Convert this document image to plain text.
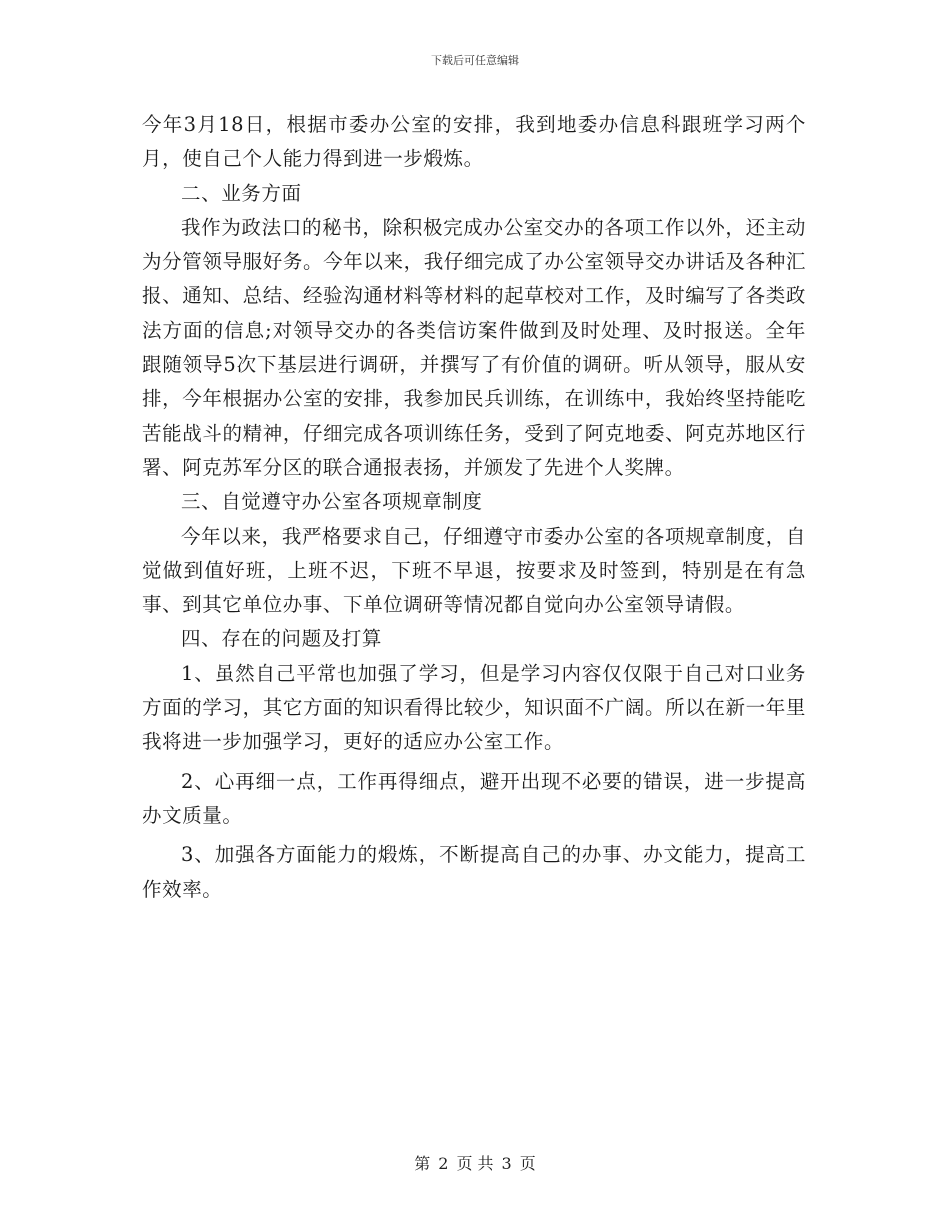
下载后可任意编辑

今年3月18日，根据市委办公室的安排，我到地委办信息科跟班学习两个月，使自己个人能力得到进一步煅炼。

二、业务方面

我作为政法口的秘书，除积极完成办公室交办的各项工作以外，还主动为分管领导服好务。今年以来，我仔细完成了办公室领导交办讲话及各种汇报、通知、总结、经验沟通材料等材料的起草校对工作，及时编写了各类政法方面的信息;对领导交办的各类信访案件做到及时处理、及时报送。全年跟随领导5次下基层进行调研，并撰写了有价值的调研。听从领导，服从安排，今年根据办公室的安排，我参加民兵训练，在训练中，我始终坚持能吃苦能战斗的精神，仔细完成各项训练任务，受到了阿克地委、阿克苏地区行署、阿克苏军分区的联合通报表扬，并颁发了先进个人奖牌。

三、自觉遵守办公室各项规章制度

今年以来，我严格要求自己，仔细遵守市委办公室的各项规章制度，自觉做到值好班，上班不迟，下班不早退，按要求及时签到，特别是在有急事、到其它单位办事、下单位调研等情况都自觉向办公室领导请假。

四、存在的问题及打算

1、虽然自己平常也加强了学习，但是学习内容仅仅限于自己对口业务方面的学习，其它方面的知识看得比较少，知识面不广阔。所以在新一年里我将进一步加强学习，更好的适应办公室工作。

2、心再细一点，工作再得细点，避开出现不必要的错误，进一步提高办文质量。

3、加强各方面能力的煅炼，不断提高自己的办事、办文能力，提高工作效率。

第 2 页 共 3 页
